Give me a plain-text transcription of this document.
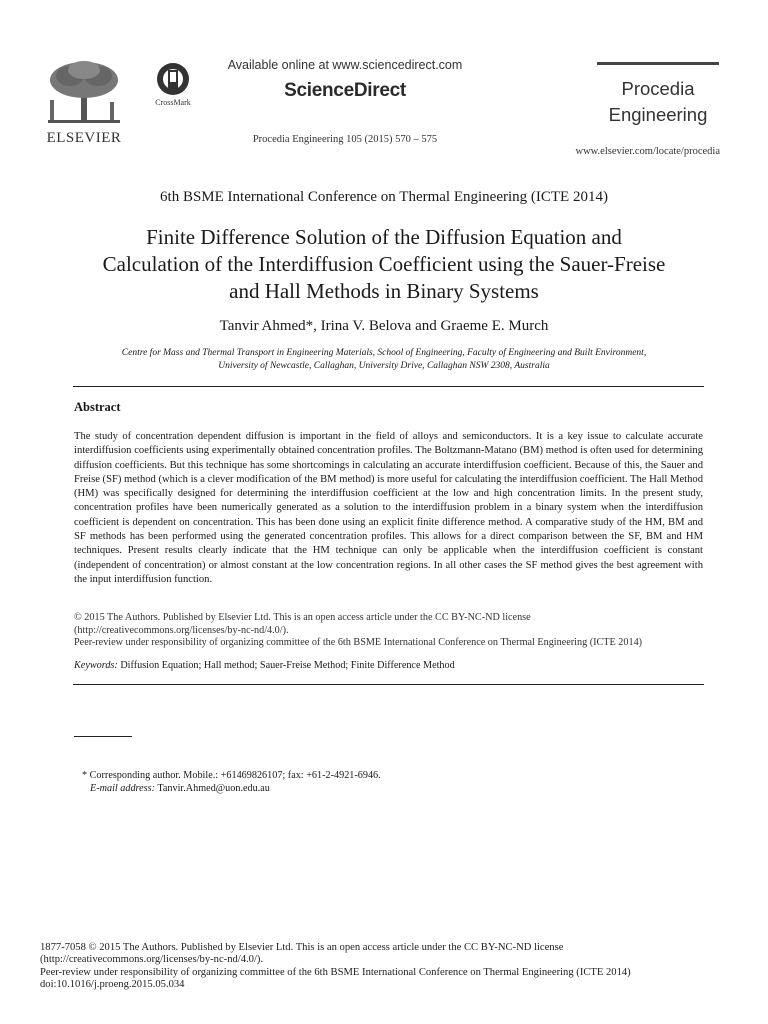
ELSEVIER
CrossMark
Available online at www.sciencedirect.com
ScienceDirect
Procedia Engineering 105 (2015) 570 – 575
Procedia
Engineering
www.elsevier.com/locate/procedia
6th BSME International Conference on Thermal Engineering (ICTE 2014)
Finite Difference Solution of the Diffusion Equation and
Calculation of the Interdiffusion Coefficient using the Sauer-Freise
and Hall Methods in Binary Systems
Tanvir Ahmed*, Irina V. Belova and Graeme E. Murch
Centre for Mass and Thermal Transport in Engineering Materials, School of Engineering, Faculty of Engineering and Built Environment,
University of Newcastle, Callaghan, University Drive, Callaghan NSW 2308, Australia
Abstract
The study of concentration dependent diffusion is important in the field of alloys and semiconductors. It is a key issue to calculate accurate interdiffusion coefficients using experimentally obtained concentration profiles. The Boltzmann-Matano (BM) method is often used for determining diffusion coefficients. But this technique has some shortcomings in calculating an accurate interdiffusion coefficient. Because of this, the Sauer and Freise (SF) method (which is a clever modification of the BM method) is more useful for calculating the interdiffusion coefficient. The Hall Method (HM) was specifically designed for determining the interdiffusion coefficient at the low and high concentration limits. In the present study, concentration profiles have been numerically generated as a solution to the interdiffusion problem in a binary system when the interdiffusion coefficient is dependent on concentration. This has been done using an explicit finite difference method. A comparative study of the HM, BM and SF methods has been performed using the generated concentration profiles. This allows for a direct comparison between the SF, BM and HM techniques. Present results clearly indicate that the HM technique can only be applicable when the interdiffusion coefficient is constant (independent of concentration) or almost constant at the low concentration regions. In all other cases the SF method gives the best agreement with the input interdiffusion function.
© 2015 The Authors. Published by Elsevier Ltd. This is an open access article under the CC BY-NC-ND license
(http://creativecommons.org/licenses/by-nc-nd/4.0/).
Peer-review under responsibility of organizing committee of the 6th BSME International Conference on Thermal Engineering (ICTE 2014)
Keywords: Diffusion Equation; Hall method; Sauer-Freise Method; Finite Difference Method
* Corresponding author. Mobile.: +61469826107; fax: +61-2-4921-6946.
E-mail address: Tanvir.Ahmed@uon.edu.au
1877-7058 © 2015 The Authors. Published by Elsevier Ltd. This is an open access article under the CC BY-NC-ND license
(http://creativecommons.org/licenses/by-nc-nd/4.0/).
Peer-review under responsibility of organizing committee of the 6th BSME International Conference on Thermal Engineering (ICTE 2014)
doi:10.1016/j.proeng.2015.05.034
